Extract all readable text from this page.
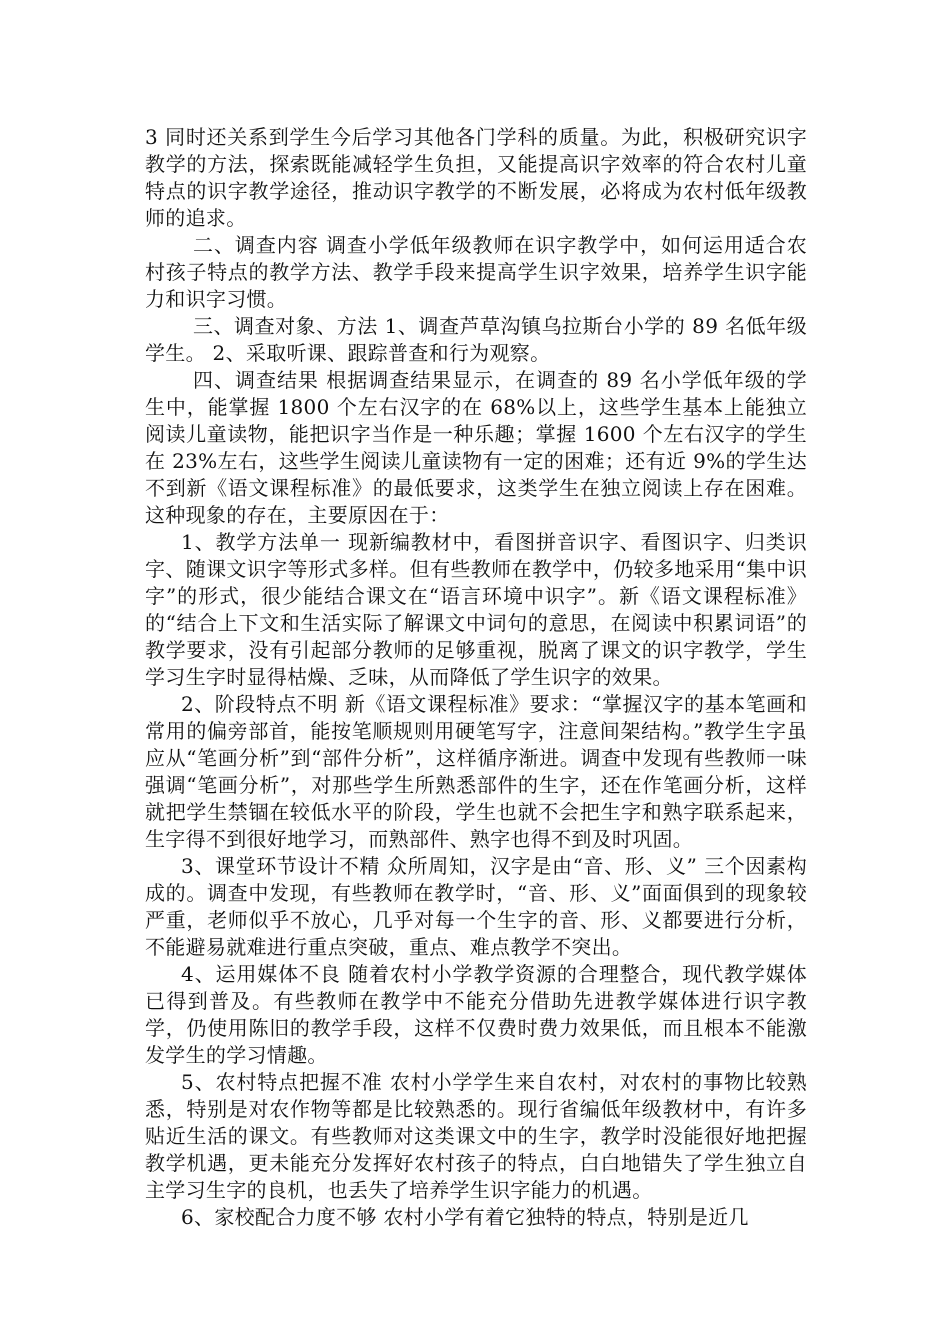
3 同时还关系到学生今后学习其他各门学科的质量。为此，积极研究识字教学的方法，探索既能减轻学生负担，又能提高识字效率的符合农村儿童特点的识字教学途径，推动识字教学的不断发展，必将成为农村低年级教师的追求。

二、调查内容 调查小学低年级教师在识字教学中，如何运用适合农村孩子特点的教学方法、教学手段来提高学生识字效果，培养学生识字能力和识字习惯。

三、调查对象、方法 1、调查芦草沟镇乌拉斯台小学的 89 名低年级学生。 2、采取听课、跟踪普查和行为观察。

四、调查结果 根据调查结果显示，在调查的 89 名小学低年级的学生中，能掌握 1800 个左右汉字的在 68%以上，这些学生基本上能独立阅读儿童读物，能把识字当作是一种乐趣；掌握 1600 个左右汉字的学生在 23%左右，这些学生阅读儿童读物有一定的困难；还有近 9%的学生达不到新《语文课程标准》的最低要求，这类学生在独立阅读上存在困难。这种现象的存在，主要原因在于：

1、教学方法单一 现新编教材中，看图拼音识字、看图识字、归类识字、随课文识字等形式多样。但有些教师在教学中，仍较多地采用“集中识字”的形式，很少能结合课文在“语言环境中识字”。新《语文课程标准》的“结合上下文和生活实际了解课文中词句的意思，在阅读中积累词语”的教学要求，没有引起部分教师的足够重视，脱离了课文的识字教学，学生学习生字时显得枯燥、乏味，从而降低了学生识字的效果。

2、阶段特点不明 新《语文课程标准》要求：“掌握汉字的基本笔画和常用的偏旁部首，能按笔顺规则用硬笔写字，注意间架结构。”教学生字虽应从“笔画分析”到“部件分析”，这样循序渐进。调查中发现有些教师一味强调“笔画分析”，对那些学生所熟悉部件的生字，还在作笔画分析，这样就把学生禁锢在较低水平的阶段，学生也就不会把生字和熟字联系起来，生字得不到很好地学习，而熟部件、熟字也得不到及时巩固。

3、课堂环节设计不精 众所周知，汉字是由“音、形、义” 三个因素构成的。调查中发现，有些教师在教学时，“音、形、义”面面俱到的现象较严重，老师似乎不放心，几乎对每一个生字的音、形、义都要进行分析，不能避易就难进行重点突破，重点、难点教学不突出。

4、运用媒体不良 随着农村小学教学资源的合理整合，现代教学媒体已得到普及。有些教师在教学中不能充分借助先进教学媒体进行识字教学，仍使用陈旧的教学手段，这样不仅费时费力效果低，而且根本不能激发学生的学习情趣。

5、农村特点把握不准 农村小学学生来自农村，对农村的事物比较熟悉，特别是对农作物等都是比较熟悉的。现行省编低年级教材中，有许多贴近生活的课文。有些教师对这类课文中的生字，教学时没能很好地把握教学机遇，更未能充分发挥好农村孩子的特点，白白地错失了学生独立自主学习生字的良机，也丢失了培养学生识字能力的机遇。

6、家校配合力度不够 农村小学有着它独特的特点，特别是近几
